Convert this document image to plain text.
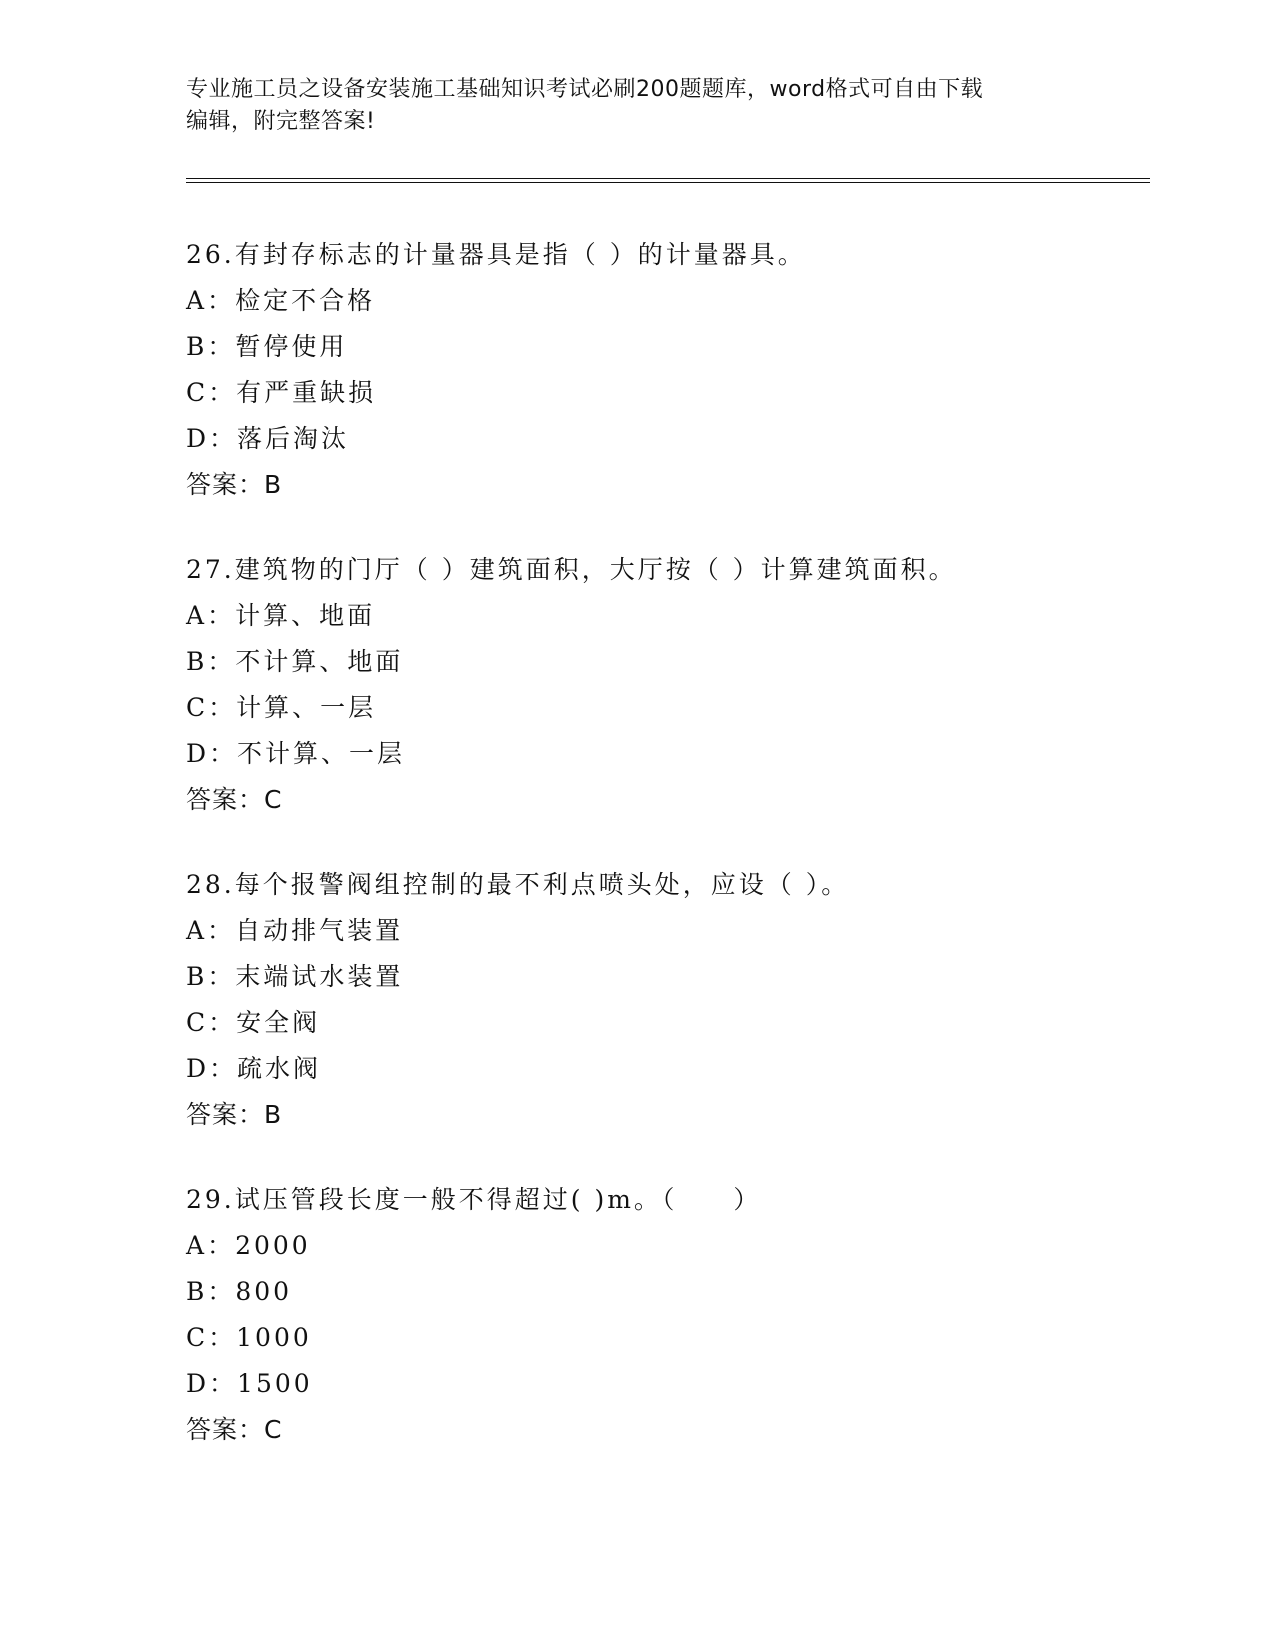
专业施工员之设备安装施工基础知识考试必刷200题题库，word格式可自由下载

编辑，附完整答案!

26.有封存标志的计量器具是指（ ）的计量器具。
A：检定不合格
B：暂停使用
C：有严重缺损
D：落后淘汰
答案：B
27.建筑物的门厅（ ）建筑面积，大厅按（ ）计算建筑面积。
A：计算、地面
B：不计算、地面
C：计算、一层
D：不计算、一层
答案：C
28.每个报警阀组控制的最不利点喷头处，应设（ ）。
A：自动排气装置
B：末端试水装置
C：安全阀
D：疏水阀
答案：B
29.试压管段长度一般不得超过( )m。（　　）
A：2000
B：800
C：1000
D：1500
答案：C
